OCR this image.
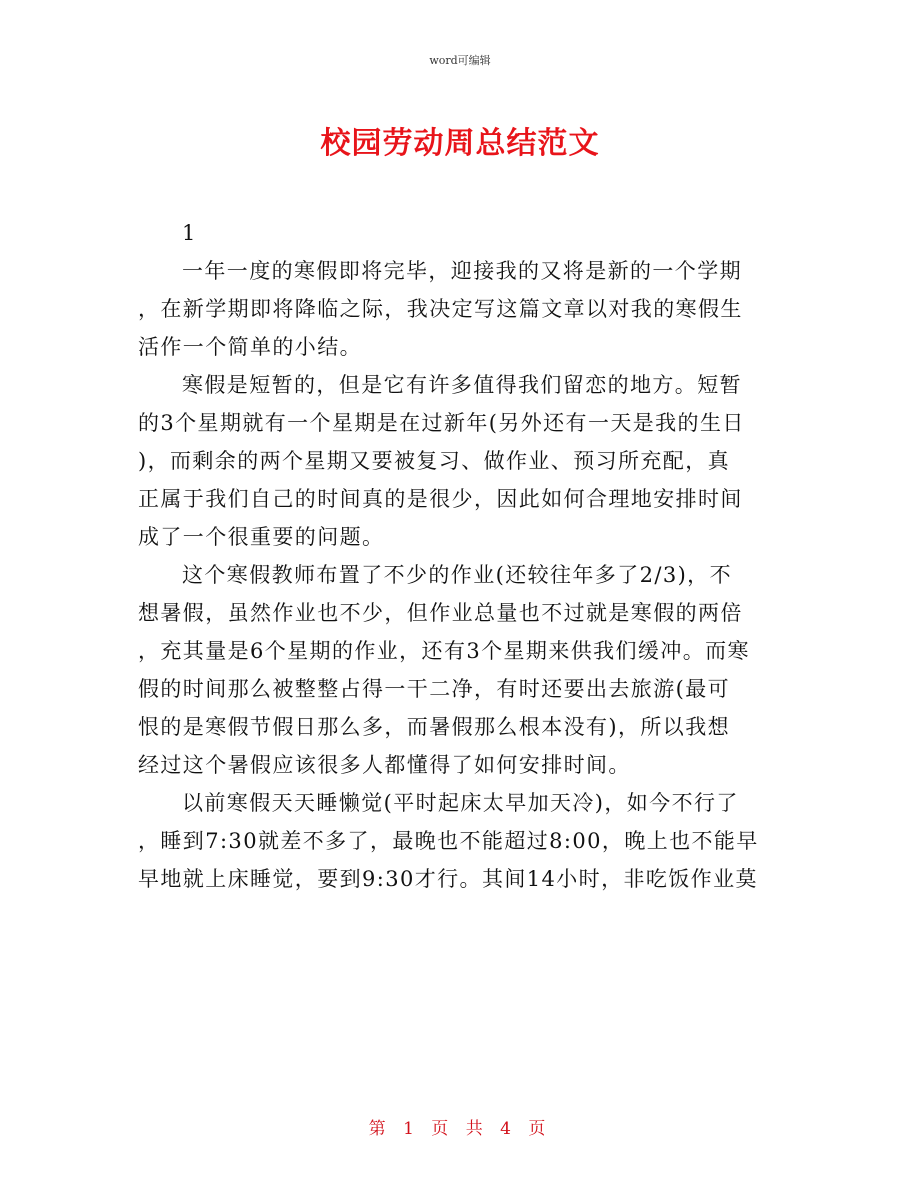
word可编辑
校园劳动周总结范文

1

一年一度的寒假即将完毕，迎接我的又将是新的一个学期
，在新学期即将降临之际，我决定写这篇文章以对我的寒假生
活作一个简单的小结。

寒假是短暂的，但是它有许多值得我们留恋的地方。短暂
的3个星期就有一个星期是在过新年(另外还有一天是我的生日
)，而剩余的两个星期又要被复习、做作业、预习所充配，真
正属于我们自己的时间真的是很少，因此如何合理地安排时间
成了一个很重要的问题。

这个寒假教师布置了不少的作业(还较往年多了2/3)，不
想暑假，虽然作业也不少，但作业总量也不过就是寒假的两倍
，充其量是6个星期的作业，还有3个星期来供我们缓冲。而寒
假的时间那么被整整占得一干二净，有时还要出去旅游(最可
恨的是寒假节假日那么多，而暑假那么根本没有)，所以我想
经过这个暑假应该很多人都懂得了如何安排时间。

以前寒假天天睡懒觉(平时起床太早加天冷)，如今不行了
，睡到7:30就差不多了，最晚也不能超过8:00，晚上也不能早
早地就上床睡觉，要到9:30才行。其间14小时，非吃饭作业莫

第 1 页 共 4 页
